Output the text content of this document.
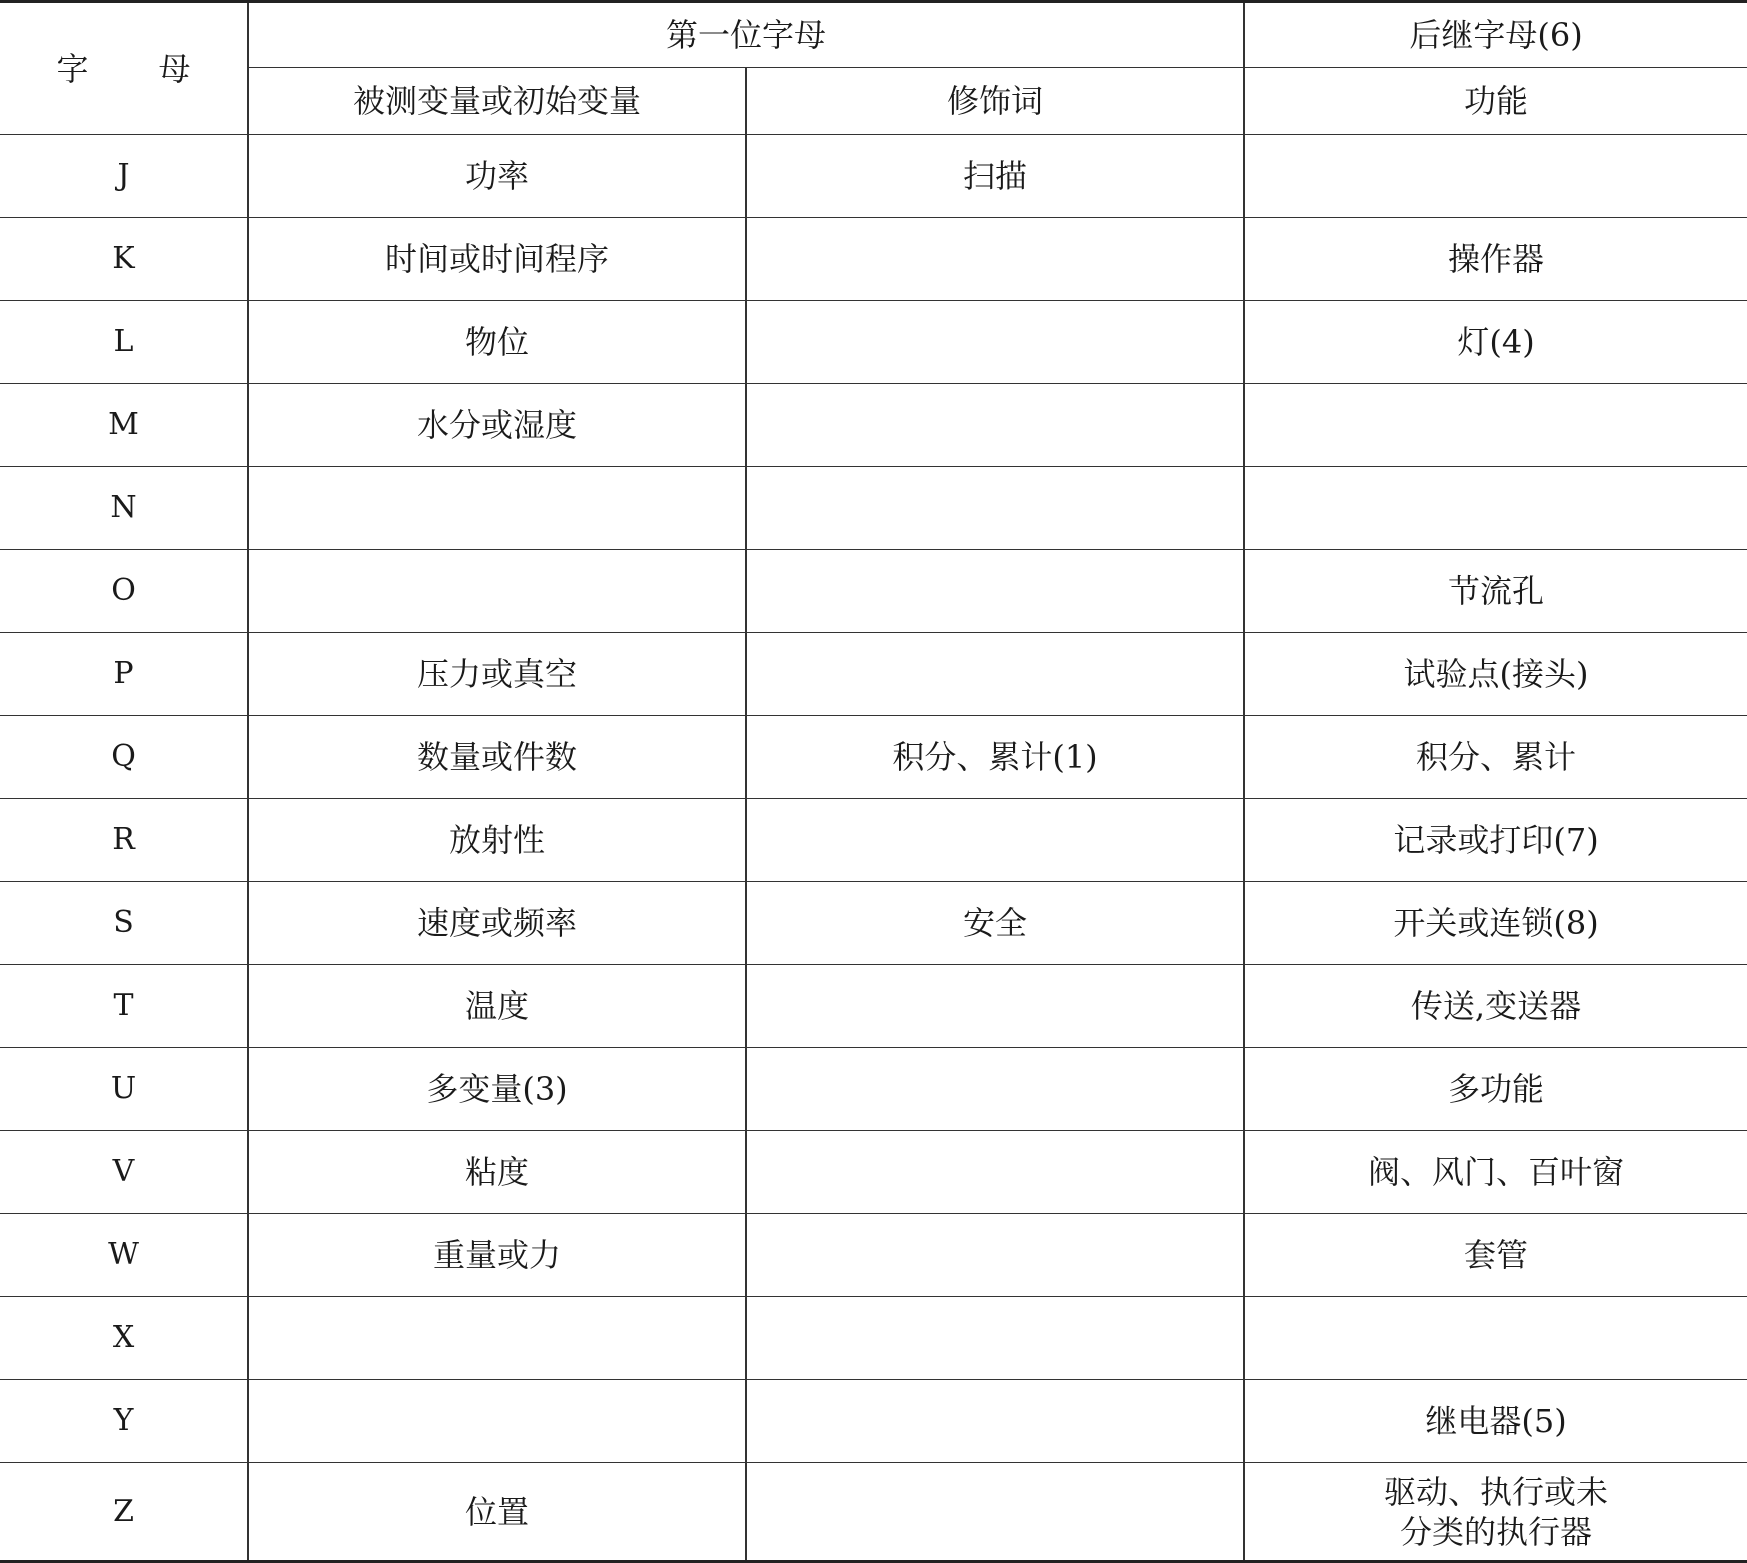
字 母	第一位字母		后继字母(6)
	被测变量或初始变量	修饰词	功能
J	功率	扫描	
K	时间或时间程序		操作器
L	物位		灯(4)
M	水分或湿度		
N			
O			节流孔
P	压力或真空		试验点(接头)
Q	数量或件数	积分、累计(1)	积分、累计
R	放射性		记录或打印(7)
S	速度或频率	安全	开关或连锁(8)
T	温度		传送,变送器
U	多变量(3)		多功能
V	粘度		阀、风门、百叶窗
W	重量或力		套管
X			
Y			继电器(5)
Z	位置		驱动、执行或未
分类的执行器
